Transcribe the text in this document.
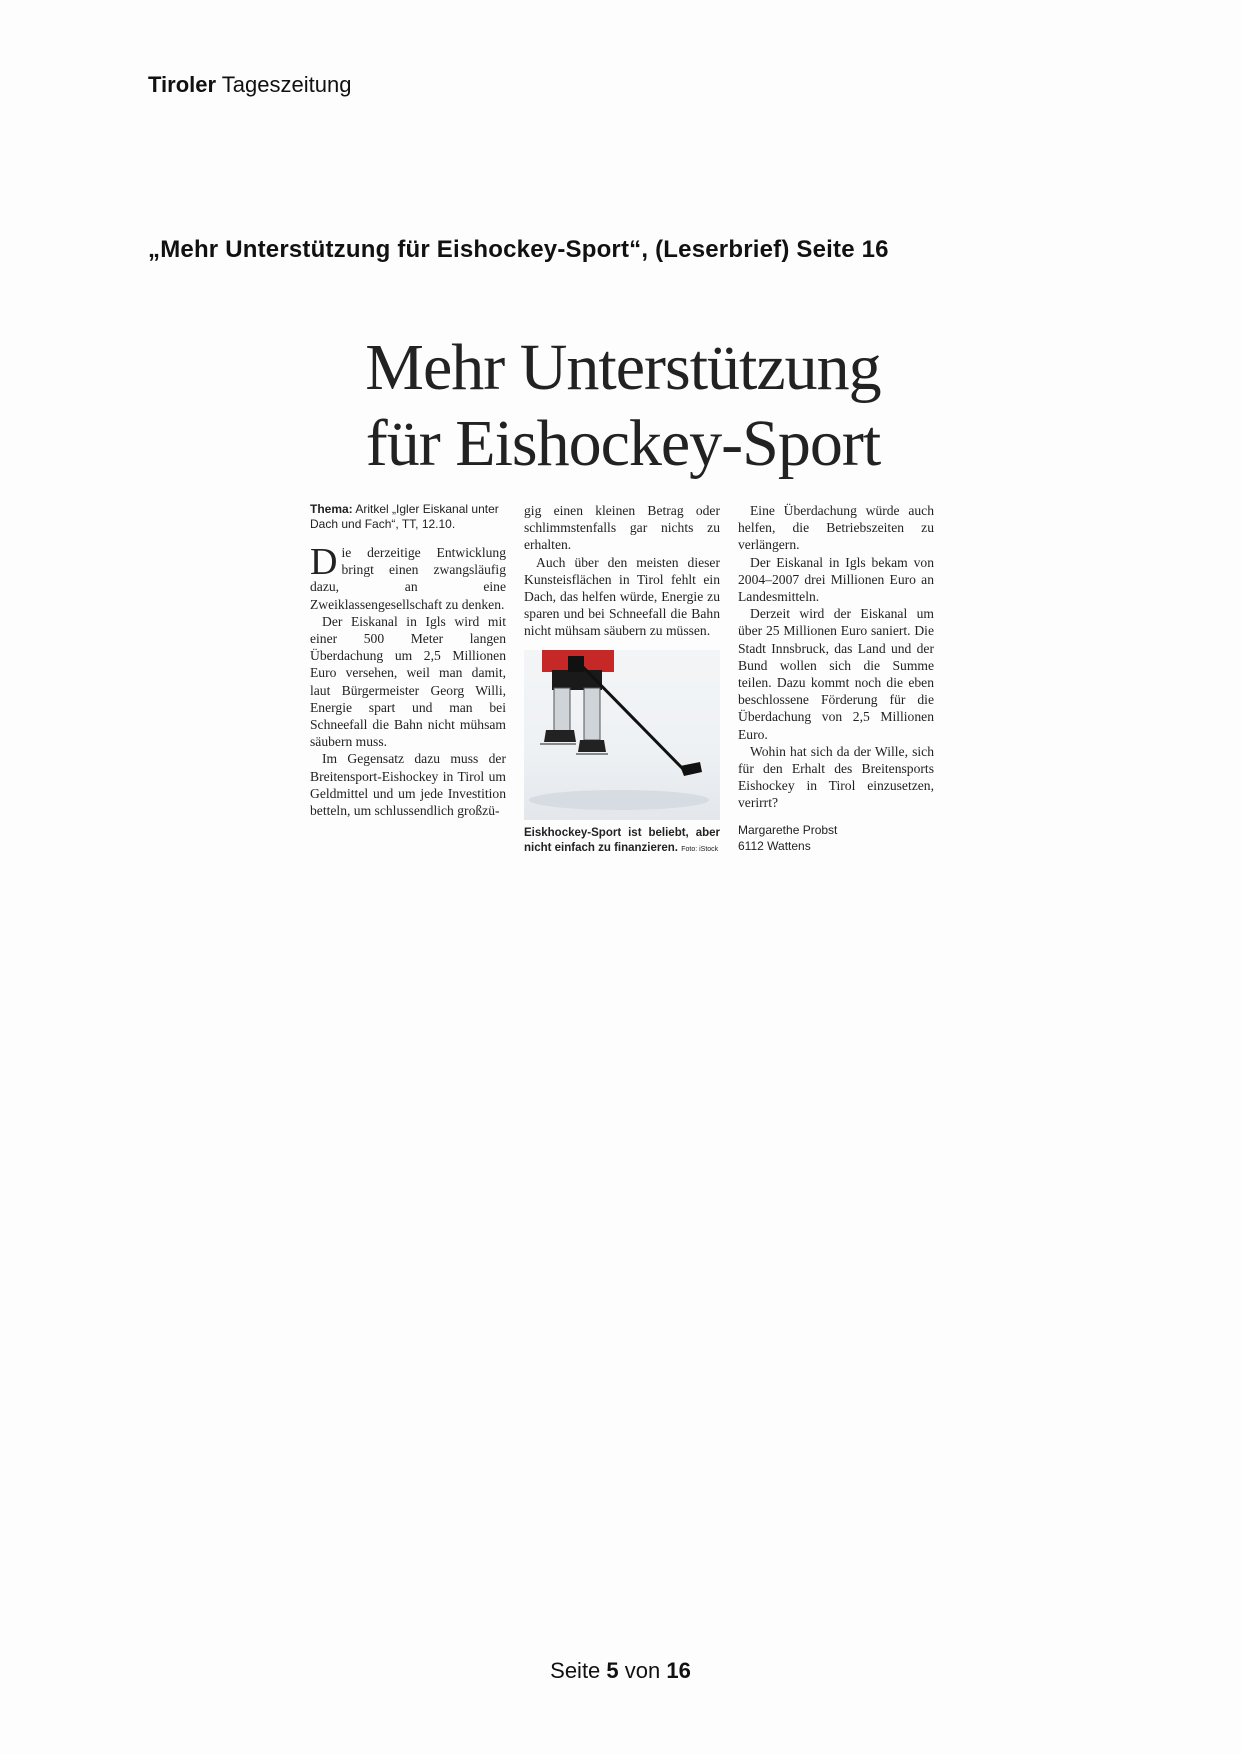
Tiroler Tageszeitung
„Mehr Unterstützung für Eishockey-Sport“, (Leserbrief) Seite 16
Mehr Unterstützung
für Eishockey-Sport
Thema: Aritkel „Igler Eiskanal unter Dach und Fach“, TT, 12.10.

Die derzeitige Entwicklung bringt einen zwangsläufig dazu, an eine Zweiklassengesellschaft zu denken.

Der Eiskanal in Igls wird mit einer 500 Meter langen Überdachung um 2,5 Millionen Euro versehen, weil man damit, laut Bürgermeister Georg Willi, Energie spart und man bei Schneefall die Bahn nicht mühsam säubern muss.

Im Gegensatz dazu muss der Breitensport-Eishockey in Tirol um Geldmittel und um jede Investition betteln, um schlussendlich großzü-

gig einen kleinen Betrag oder schlimmstenfalls gar nichts zu erhalten.

Auch über den meisten dieser Kunsteisflächen in Tirol fehlt ein Dach, das helfen würde, Energie zu sparen und bei Schneefall die Bahn nicht mühsam säubern zu müssen.

Eiskhockey-Sport ist beliebt, aber nicht einfach zu finanzieren. Foto: iStock

Eine Überdachung würde auch helfen, die Betriebszeiten zu verlängern.

Der Eiskanal in Igls bekam von 2004–2007 drei Millionen Euro an Landesmitteln.

Derzeit wird der Eiskanal um über 25 Millionen Euro saniert. Die Stadt Innsbruck, das Land und der Bund wollen sich die Summe teilen. Dazu kommt noch die eben beschlossene Förderung für die Überdachung von 2,5 Millionen Euro.

Wohin hat sich da der Wille, sich für den Erhalt des Breitensports Eishockey in Tirol einzusetzen, verirrt?

Margarethe Probst
6112 Wattens
Seite 5 von 16
